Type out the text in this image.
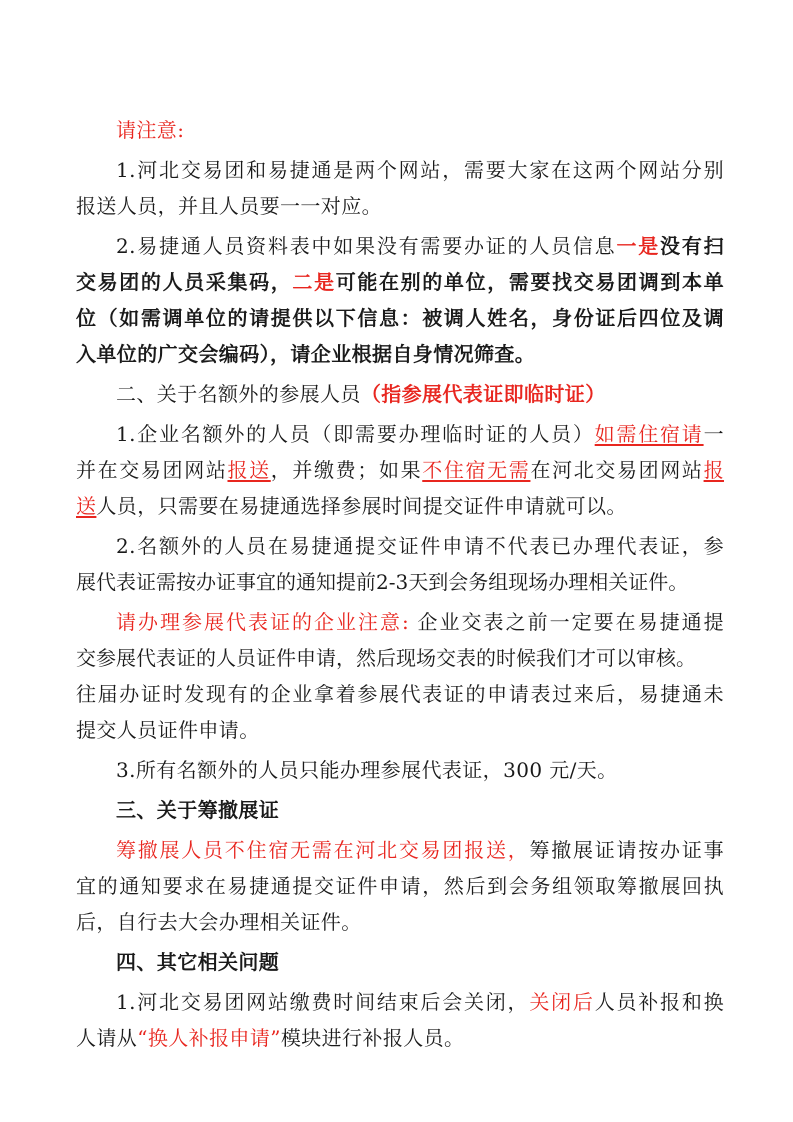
请注意:
1.河北交易团和易捷通是两个网站，需要大家在这两个网站分别
报送人员，并且人员要一一对应。
2.易捷通人员资料表中如果没有需要办证的人员信息一是没有扫
交易团的人员采集码，二是可能在别的单位，需要找交易团调到本单
位（如需调单位的请提供以下信息：被调人姓名，身份证后四位及调
入单位的广交会编码），请企业根据自身情况筛查。
二、关于名额外的参展人员（指参展代表证即临时证）
1.企业名额外的人员（即需要办理临时证的人员）如需住宿请一
并在交易团网站报送，并缴费；如果不住宿无需在河北交易团网站报
送人员，只需要在易捷通选择参展时间提交证件申请就可以。
2.名额外的人员在易捷通提交证件申请不代表已办理代表证，参
展代表证需按办证事宜的通知提前2-3天到会务组现场办理相关证件。
请办理参展代表证的企业注意: 企业交表之前一定要在易捷通提
交参展代表证的人员证件申请，然后现场交表的时候我们才可以审核。
往届办证时发现有的企业拿着参展代表证的申请表过来后，易捷通未
提交人员证件申请。
3.所有名额外的人员只能办理参展代表证，300 元/天。
三、关于筹撤展证
筹撤展人员不住宿无需在河北交易团报送，筹撤展证请按办证事
宜的通知要求在易捷通提交证件申请，然后到会务组领取筹撤展回执
后，自行去大会办理相关证件。
四、其它相关问题
1.河北交易团网站缴费时间结束后会关闭，关闭后人员补报和换
人请从“换人补报申请”模块进行补报人员。
